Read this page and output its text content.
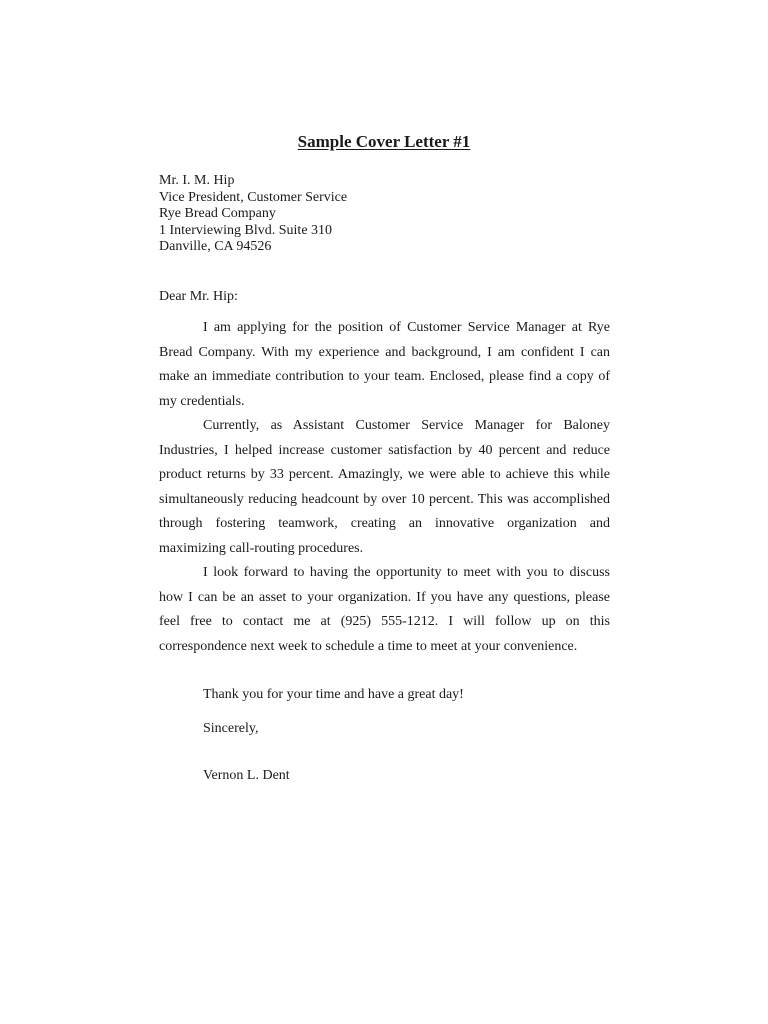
Sample Cover Letter #1
Mr. I. M. Hip
Vice President, Customer Service
Rye Bread Company
1 Interviewing Blvd. Suite 310
Danville, CA 94526
Dear Mr. Hip:

I am applying for the position of Customer Service Manager at Rye Bread Company. With my experience and background, I am confident I can make an immediate contribution to your team. Enclosed, please find a copy of my credentials.

Currently, as Assistant Customer Service Manager for Baloney Industries, I helped increase customer satisfaction by 40 percent and reduce product returns by 33 percent. Amazingly, we were able to achieve this while simultaneously reducing headcount by over 10 percent. This was accomplished through fostering teamwork, creating an innovative organization and maximizing call-routing procedures.

I look forward to having the opportunity to meet with you to discuss how I can be an asset to your organization. If you have any questions, please feel free to contact me at (925) 555-1212. I will follow up on this correspondence next week to schedule a time to meet at your convenience.

Thank you for your time and have a great day!
Sincerely,
Vernon L. Dent
